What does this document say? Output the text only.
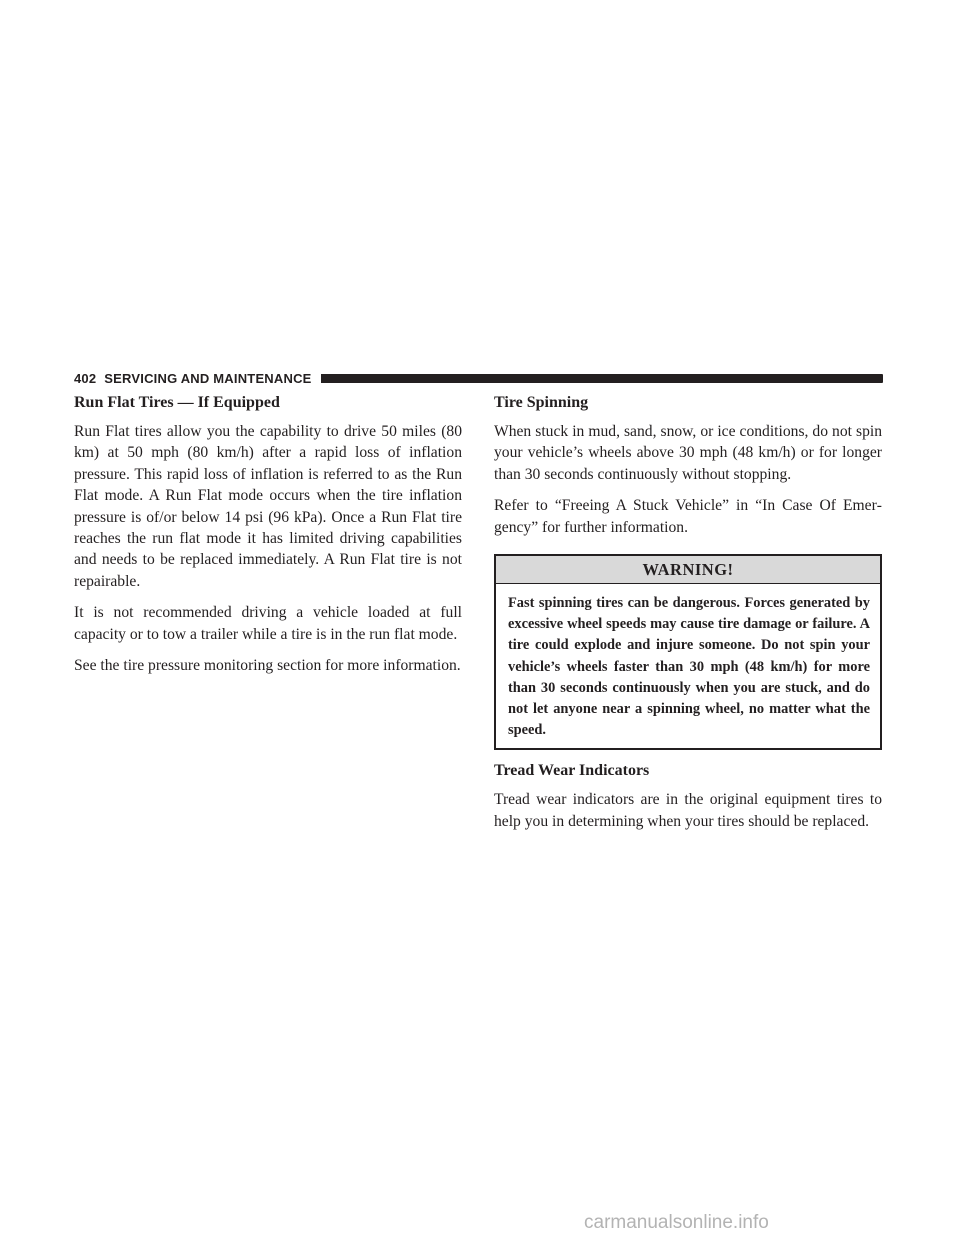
402 SERVICING AND MAINTENANCE
Run Flat Tires — If Equipped

Run Flat tires allow you the capability to drive 50 miles (80 km) at 50 mph (80 km/h) after a rapid loss of inflation pressure. This rapid loss of inflation is referred to as the Run Flat mode. A Run Flat mode occurs when the tire inflation pressure is of/or below 14 psi (96 kPa). Once a Run Flat tire reaches the run flat mode it has limited driving capabilities and needs to be replaced immediately. A Run Flat tire is not repairable.

It is not recommended driving a vehicle loaded at full capacity or to tow a trailer while a tire is in the run flat mode.

See the tire pressure monitoring section for more information.

Tire Spinning

When stuck in mud, sand, snow, or ice conditions, do not spin your vehicle’s wheels above 30 mph (48 km/h) or for longer than 30 seconds continuously without stopping.

Refer to “Freeing A Stuck Vehicle” in “In Case Of Emergency” for further information.

WARNING!

Fast spinning tires can be dangerous. Forces generated by excessive wheel speeds may cause tire damage or failure. A tire could explode and injure someone. Do not spin your vehicle’s wheels faster than 30 mph (48 km/h) for more than 30 seconds continuously when you are stuck, and do not let anyone near a spinning wheel, no matter what the speed.

Tread Wear Indicators

Tread wear indicators are in the original equipment tires to help you in determining when your tires should be replaced.

carmanualsonline.info
